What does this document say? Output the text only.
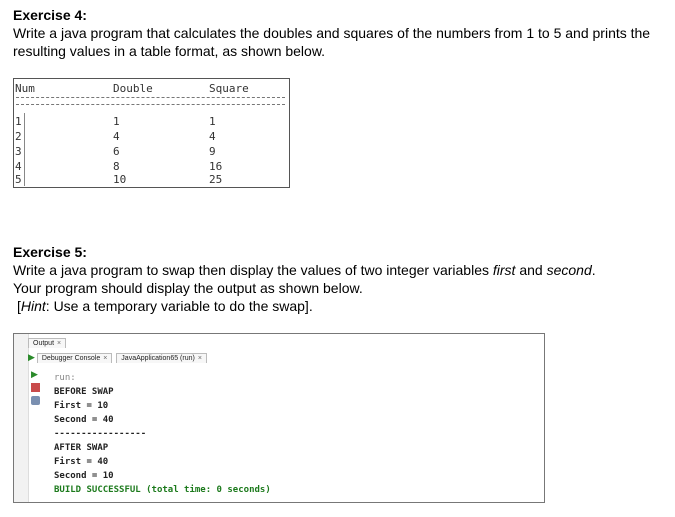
Exercise 4:
Write a java program that calculates the doubles and squares of the numbers from 1 to 5 and prints the
resulting values in a table format, as shown below.
Num	Double	Square
1	1	1
2	4	4
3	6	9
4	8	16
5	10	25
Exercise 5:
Write a java program to swap then display the values of two integer variables first and second.
Your program should display the output as shown below.
[Hint: Use a temporary variable to do the swap].
Output ×
▶ Debugger Console × JavaApplication65 (run) ×
▶ run:
BEFORE SWAP
First = 10
Second = 40
-----------------
AFTER SWAP
First = 40
Second = 10
BUILD SUCCESSFUL (total time: 0 seconds)
